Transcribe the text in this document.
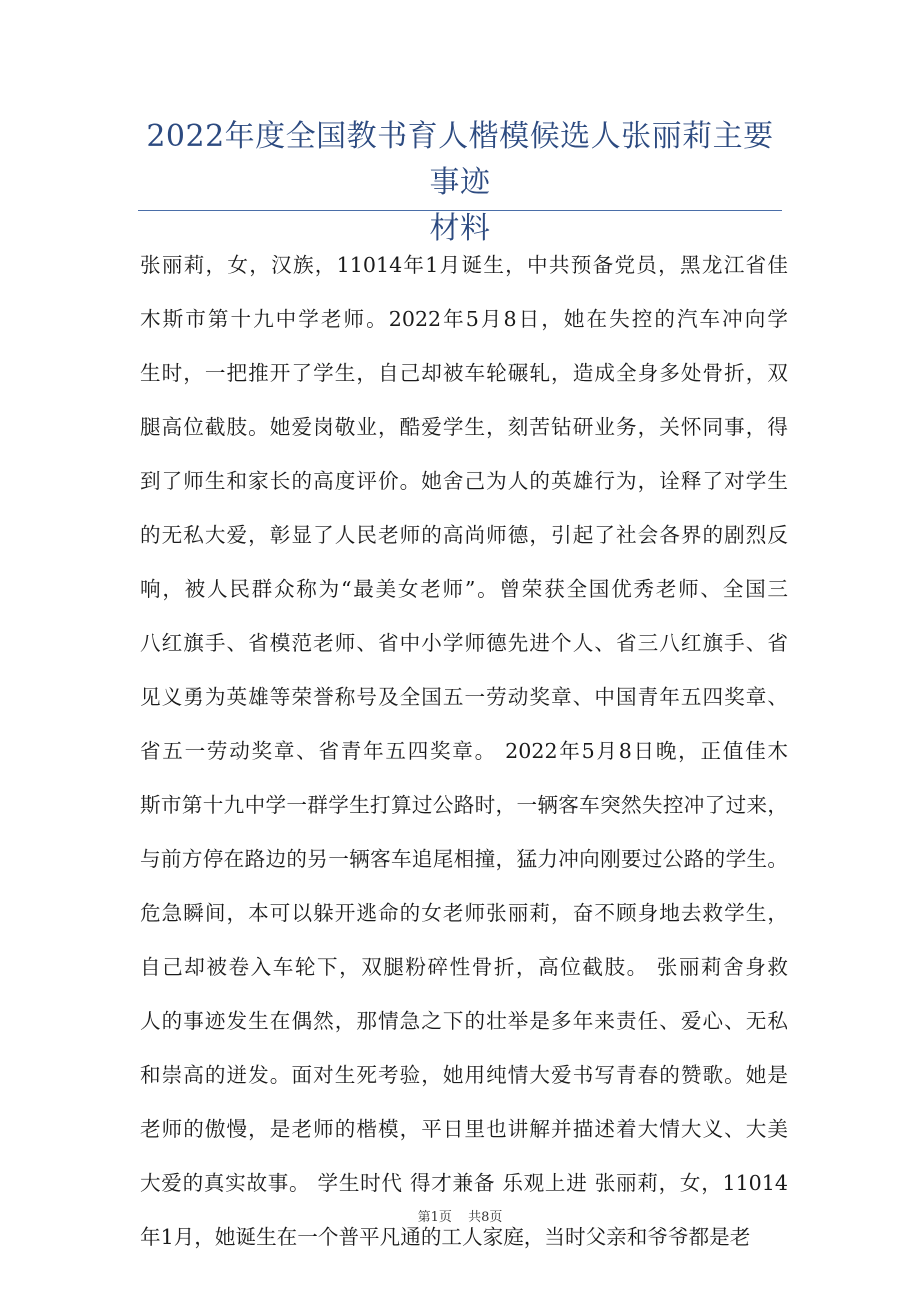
2022年度全国教书育人楷模候选人张丽莉主要事迹
材料
张丽莉，女，汉族，11014年1月诞生，中共预备党员，黑龙江省佳
木斯市第十九中学老师。2022年5月8日，她在失控的汽车冲向学
生时，一把推开了学生，自己却被车轮碾轧，造成全身多处骨折，双
腿高位截肢。她爱岗敬业，酷爱学生，刻苦钻研业务，关怀同事，得
到了师生和家长的高度评价。她舍己为人的英雄行为，诠释了对学生
的无私大爱，彰显了人民老师的高尚师德，引起了社会各界的剧烈反
响，被人民群众称为“最美女老师”。曾荣获全国优秀老师、全国三
八红旗手、省模范老师、省中小学师德先进个人、省三八红旗手、省
见义勇为英雄等荣誉称号及全国五一劳动奖章、中国青年五四奖章、
省五一劳动奖章、省青年五四奖章。 2022年5月8日晚，正值佳木
斯市第十九中学一群学生打算过公路时，一辆客车突然失控冲了过来，
与前方停在路边的另一辆客车追尾相撞，猛力冲向刚要过公路的学生。
危急瞬间，本可以躲开逃命的女老师张丽莉，奋不顾身地去救学生，
自己却被卷入车轮下，双腿粉碎性骨折，高位截肢。 张丽莉舍身救
人的事迹发生在偶然，那情急之下的壮举是多年来责任、爱心、无私
和崇高的迸发。面对生死考验，她用纯情大爱书写青春的赞歌。她是
老师的傲慢，是老师的楷模，平日里也讲解并描述着大情大义、大美
大爱的真实故事。 学生时代 得才兼备 乐观上进 张丽莉，女，11014
年1月，她诞生在一个普平凡通的工人家庭，当时父亲和爷爷都是老
第1页 共8页
